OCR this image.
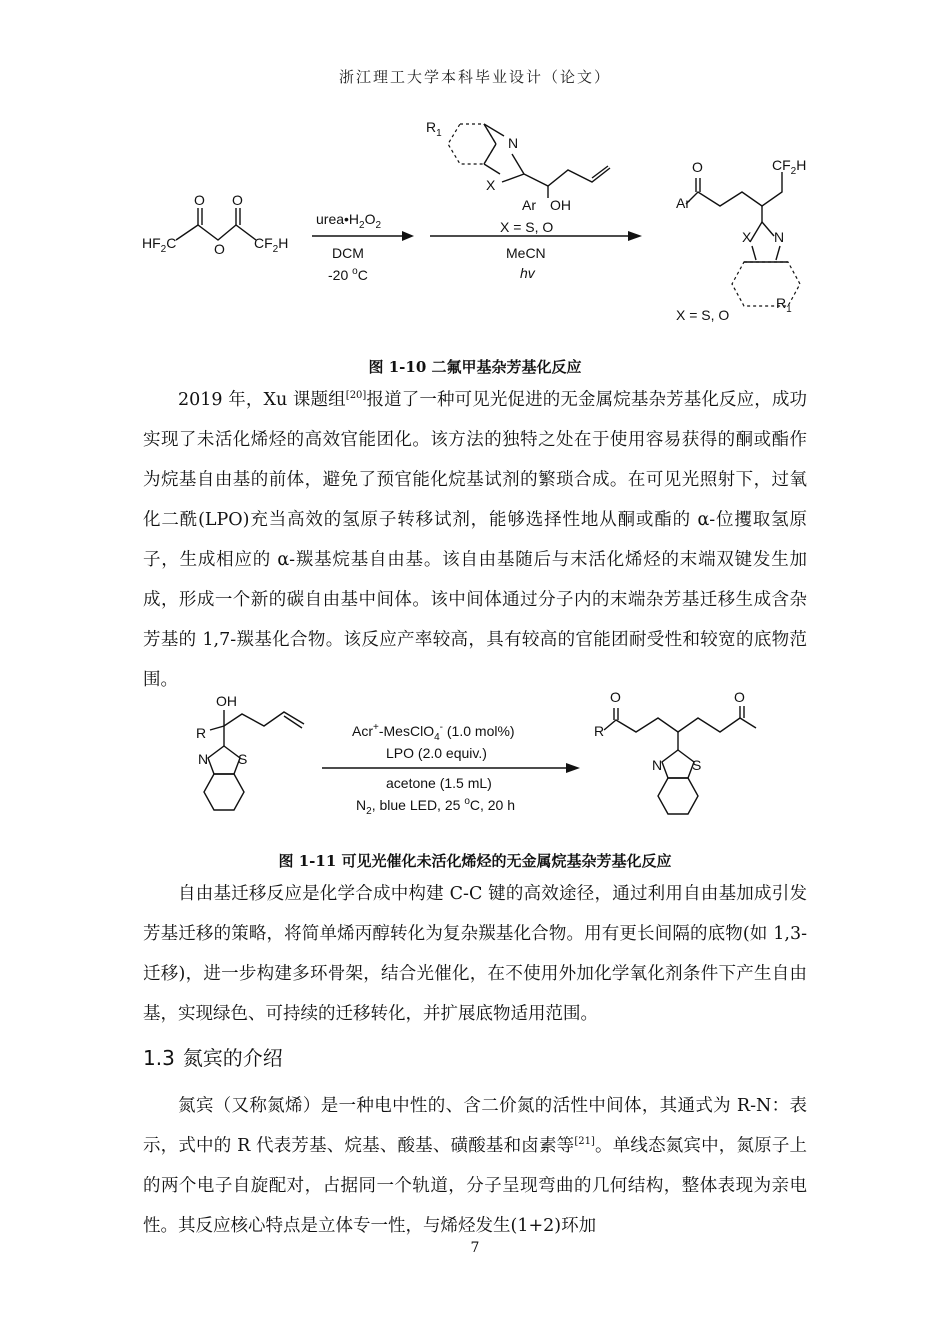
浙江理工大学本科毕业设计（论文）
$HF_2C$
O O
O $CF_2H$
$urea•H_2O_2$
DCM
-20 $^o$C
$R_1$
N
X
Ar OH
X = S, O
MeCN
hv
O
Ar
$CF_2H$
X N
$R_1$
X = S, O
图 1-10 二氟甲基杂芳基化反应

2019 年，Xu 课题组[20]报道了一种可见光促进的无金属烷基杂芳基化反应，成功实现了未活化烯烃的高效官能团化。该方法的独特之处在于使用容易获得的酮或酯作为烷基自由基的前体，避免了预官能化烷基试剂的繁琐合成。在可见光照射下，过氧化二酰(LPO)充当高效的氢原子转移试剂，能够选择性地从酮或酯的 α-位攫取氢原子，生成相应的 α-羰基烷基自由基。该自由基随后与末活化烯烃的末端双键发生加成，形成一个新的碳自由基中间体。该中间体通过分子内的末端杂芳基迁移生成含杂芳基的 1,7-羰基化合物。该反应产率较高，具有较高的官能团耐受性和较宽的底物范围。

OH
R
N S
Acr+-MesClO$_4$- (1.0 mol%)
LPO (2.0 equiv.)
acetone (1.5 mL)
$N_2$, blue LED, 25 $^o$C, 20 h
O
R
O
N S
图 1-11 可见光催化未活化烯烃的无金属烷基杂芳基化反应

自由基迁移反应是化学合成中构建 C-C 键的高效途径，通过利用自由基加成引发芳基迁移的策略，将简单烯丙醇转化为复杂羰基化合物。用有更长间隔的底物(如 1,3-迁移)，进一步构建多环骨架，结合光催化，在不使用外加化学氧化剂条件下产生自由基，实现绿色、可持续的迁移转化，并扩展底物适用范围。

1.3 氮宾的介绍

氮宾（又称氮烯）是一种电中性的、含二价氮的活性中间体，其通式为 R-N：表示，式中的 R 代表芳基、烷基、酸基、磺酸基和卤素等[21]。单线态氮宾中，氮原子上的两个电子自旋配对，占据同一个轨道，分子呈现弯曲的几何结构，整体表现为亲电性。其反应核心特点是立体专一性，与烯烃发生(1+2)环加

7
